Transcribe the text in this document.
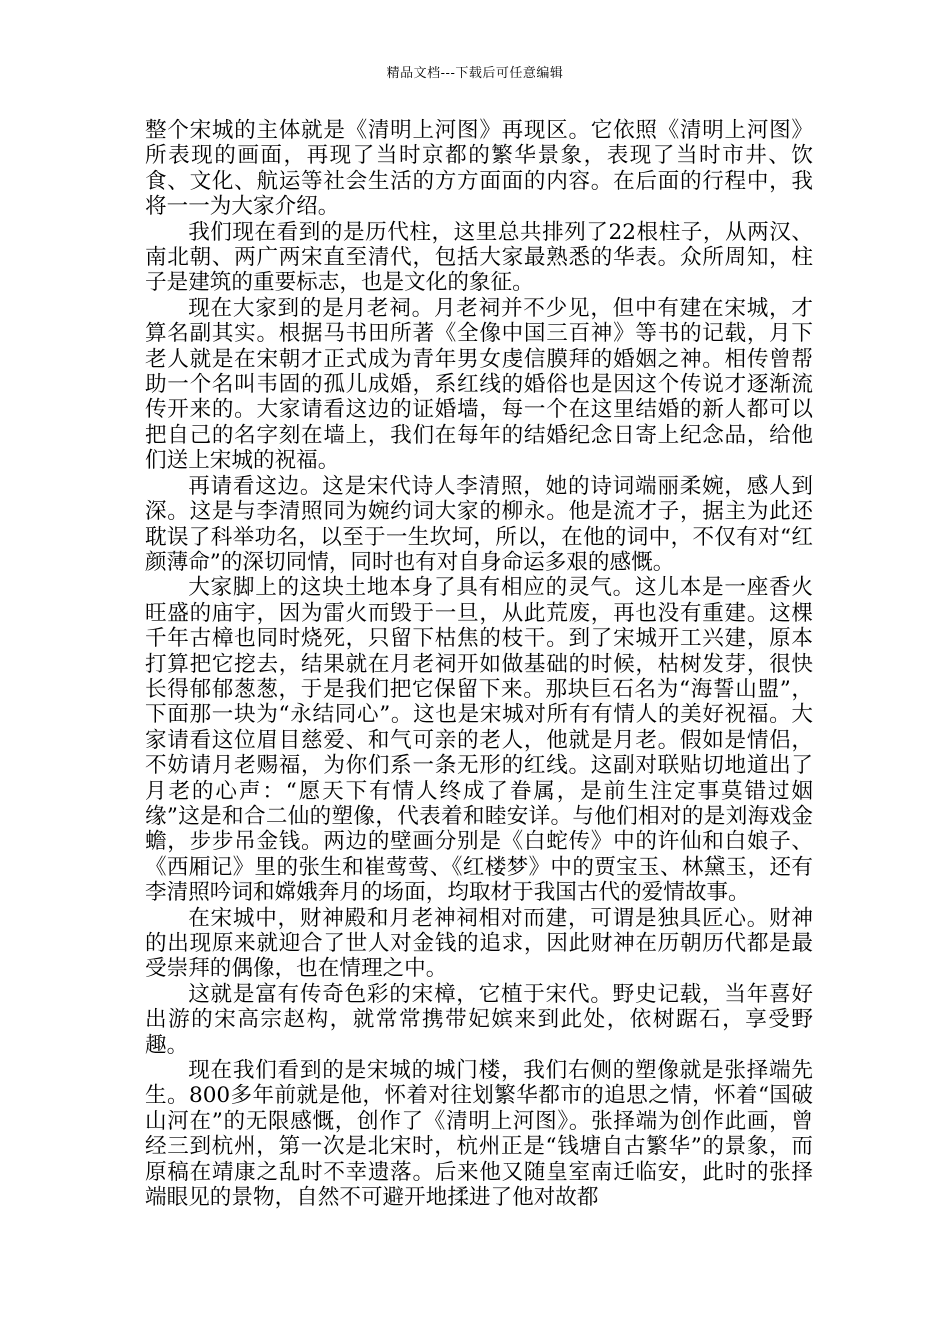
精品文档---下载后可任意编辑

整个宋城的主体就是《清明上河图》再现区。它依照《清明上河图》所表现的画面，再现了当时京都的繁华景象，表现了当时市井、饮食、文化、航运等社会生活的方方面面的内容。在后面的行程中，我将一一为大家介绍。

我们现在看到的是历代柱，这里总共排列了22根柱子，从两汉、南北朝、两广两宋直至清代，包括大家最熟悉的华表。众所周知，柱子是建筑的重要标志，也是文化的象征。

现在大家到的是月老祠。月老祠并不少见，但中有建在宋城，才算名副其实。根据马书田所著《全像中国三百神》等书的记载，月下老人就是在宋朝才正式成为青年男女虔信膜拜的婚姻之神。相传曾帮助一个名叫韦固的孤儿成婚，系红线的婚俗也是因这个传说才逐渐流传开来的。大家请看这边的证婚墙，每一个在这里结婚的新人都可以把自己的名字刻在墙上，我们在每年的结婚纪念日寄上纪念品，给他们送上宋城的祝福。

再请看这边。这是宋代诗人李清照，她的诗词端丽柔婉，感人到深。这是与李清照同为婉约词大家的柳永。他是流才子，据主为此还耽误了科举功名，以至于一生坎坷，所以，在他的词中，不仅有对“红颜薄命”的深切同情，同时也有对自身命运多艰的感慨。

大家脚上的这块土地本身了具有相应的灵气。这儿本是一座香火旺盛的庙宇，因为雷火而毁于一旦，从此荒废，再也没有重建。这棵千年古樟也同时烧死，只留下枯焦的枝干。到了宋城开工兴建，原本打算把它挖去，结果就在月老祠开如做基础的时候，枯树发芽，很快长得郁郁葱葱，于是我们把它保留下来。那块巨石名为“海誓山盟”，下面那一块为“永结同心”。这也是宋城对所有有情人的美好祝福。大家请看这位眉目慈爱、和气可亲的老人，他就是月老。假如是情侣，不妨请月老赐福，为你们系一条无形的红线。这副对联贴切地道出了月老的心声：“愿天下有情人终成了眷属，是前生注定事莫错过姻缘”这是和合二仙的塑像，代表着和睦安详。与他们相对的是刘海戏金蟾，步步吊金钱。两边的壁画分别是《白蛇传》中的许仙和白娘子、《西厢记》里的张生和崔莺莺、《红楼梦》中的贾宝玉、林黛玉，还有李清照吟词和嫦娥奔月的场面，均取材于我国古代的爱情故事。

在宋城中，财神殿和月老神祠相对而建，可谓是独具匠心。财神的出现原来就迎合了世人对金钱的追求，因此财神在历朝历代都是最受崇拜的偶像，也在情理之中。

这就是富有传奇色彩的宋樟，它植于宋代。野史记载，当年喜好出游的宋高宗赵构，就常常携带妃嫔来到此处，依树踞石，享受野趣。

现在我们看到的是宋城的城门楼，我们右侧的塑像就是张择端先生。800多年前就是他，怀着对往划繁华都市的追思之情，怀着“国破山河在”的无限感慨，创作了《清明上河图》。张择端为创作此画，曾经三到杭州，第一次是北宋时，杭州正是“钱塘自古繁华”的景象，而原稿在靖康之乱时不幸遗落。后来他又随皇室南迁临安，此时的张择端眼见的景物，自然不可避开地揉进了他对故都
